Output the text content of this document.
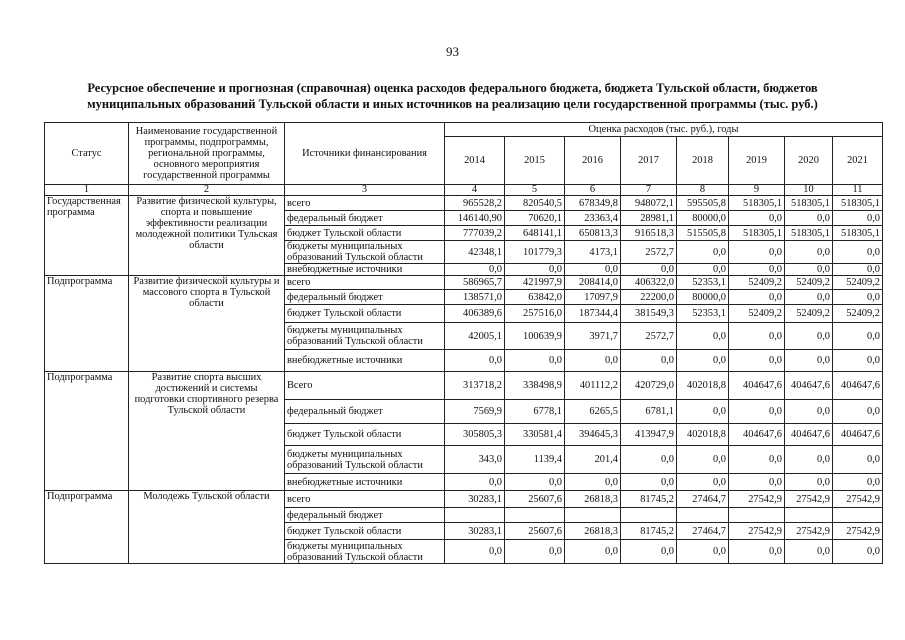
93
Ресурсное обеспечение и прогнозная (справочная) оценка расходов федерального бюджета, бюджета Тульской области, бюджетов муниципальных образований Тульской области и иных источников на реализацию цели государственной программы (тыс. руб.)
Статус	Наименование государственной программы, подпрограммы, региональной программы, основного мероприятия государственной программы	Источники финансирования	Оценка расходов (тыс. руб.), годы							
			2014	2015	2016	2017	2018	2019	2020	2021
1	2	3	4	5	6	7	8	9	10	11
Государственная программа	Развитие физической культуры, спорта и повышение эффективности реализации молодежной политики Тульская области	всего	965528,2	820540,5	678349,8	948072,1	595505,8	518305,1	518305,1	518305,1
		федеральный бюджет	146140,90	70620,1	23363,4	28981,1	80000,0	0,0	0,0	0,0
		бюджет Тульской области	777039,2	648141,1	650813,3	916518,3	515505,8	518305,1	518305,1	518305,1
		бюджеты муниципальных образований Тульской области	42348,1	101779,3	4173,1	2572,7	0,0	0,0	0,0	0,0
		внебюджетные источники	0,0	0,0	0,0	0,0	0,0	0,0	0,0	0,0
Подпрограмма	Развитие физической культуры и массового спорта в Тульской области	всего	586965,7	421997,9	208414,0	406322,0	52353,1	52409,2	52409,2	52409,2
		федеральный бюджет	138571,0	63842,0	17097,9	22200,0	80000,0	0,0	0,0	0,0
		бюджет Тульской области	406389,6	257516,0	187344,4	381549,3	52353,1	52409,2	52409,2	52409,2
		бюджеты муниципальных образований Тульской области	42005,1	100639,9	3971,7	2572,7	0,0	0,0	0,0	0,0
		внебюджетные источники	0,0	0,0	0,0	0,0	0,0	0,0	0,0	0,0
Подпрограмма	Развитие спорта высших достижений и системы подготовки спортивного резерва Тульской области	Всего	313718,2	338498,9	401112,2	420729,0	402018,8	404647,6	404647,6	404647,6
		федеральный бюджет	7569,9	6778,1	6265,5	6781,1	0,0	0,0	0,0	0,0
		бюджет Тульской области	305805,3	330581,4	394645,3	413947,9	402018,8	404647,6	404647,6	404647,6
		бюджеты муниципальных образований Тульской области	343,0	1139,4	201,4	0,0	0,0	0,0	0,0	0,0
		внебюджетные источники	0,0	0,0	0,0	0,0	0,0	0,0	0,0	0,0
Подпрограмма	Молодежь Тульской области	всего	30283,1	25607,6	26818,3	81745,2	27464,7	27542,9	27542,9	27542,9
		федеральный бюджет								
		бюджет Тульской области	30283,1	25607,6	26818,3	81745,2	27464,7	27542,9	27542,9	27542,9
		бюджеты муниципальных образований Тульской области	0,0	0,0	0,0	0,0	0,0	0,0	0,0	0,0
